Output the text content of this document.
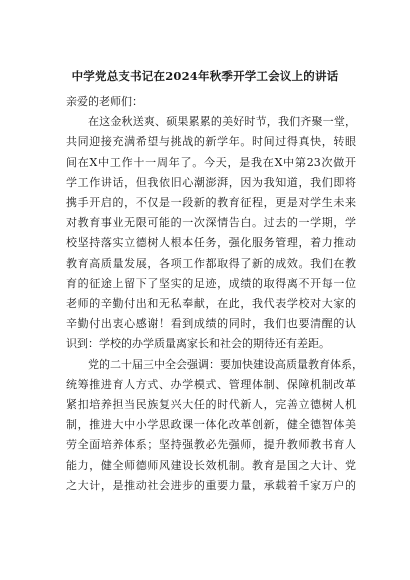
中学党总支书记在2024年秋季开学工会议上的讲话

亲爱的老师们：

在这金秋送爽、硕果累累的美好时节，我们齐聚一堂，
共同迎接充满希望与挑战的新学年。时间过得真快，转眼
间在X中工作十一周年了。今天，是我在X中第23次做开
学工作讲话，但我依旧心潮澎湃，因为我知道，我们即将
携手开启的，不仅是一段新的教育征程，更是对学生未来
对教育事业无限可能的一次深情告白。过去的一学期，学
校坚持落实立德树人根本任务，强化服务管理，着力推动
教育高质量发展，各项工作都取得了新的成效。我们在教
育的征途上留下了坚实的足迹，成绩的取得离不开每一位
老师的辛勤付出和无私奉献，在此，我代表学校对大家的
辛勤付出衷心感谢！看到成绩的同时，我们也要清醒的认
识到：学校的办学质量离家长和社会的期待还有差距。
党的二十届三中全会强调：要加快建设高质量教育体系，
统筹推进育人方式、办学模式、管理体制、保障机制改革
紧扣培养担当民族复兴大任的时代新人，完善立德树人机
制，推进大中小学思政课一体化改革创新，健全德智体美
劳全面培养体系；坚持强教必先强师，提升教师教书育人
能力，健全师德师风建设长效机制。教育是国之大计、党
之大计，是推动社会进步的重要力量，承载着千家万户的
